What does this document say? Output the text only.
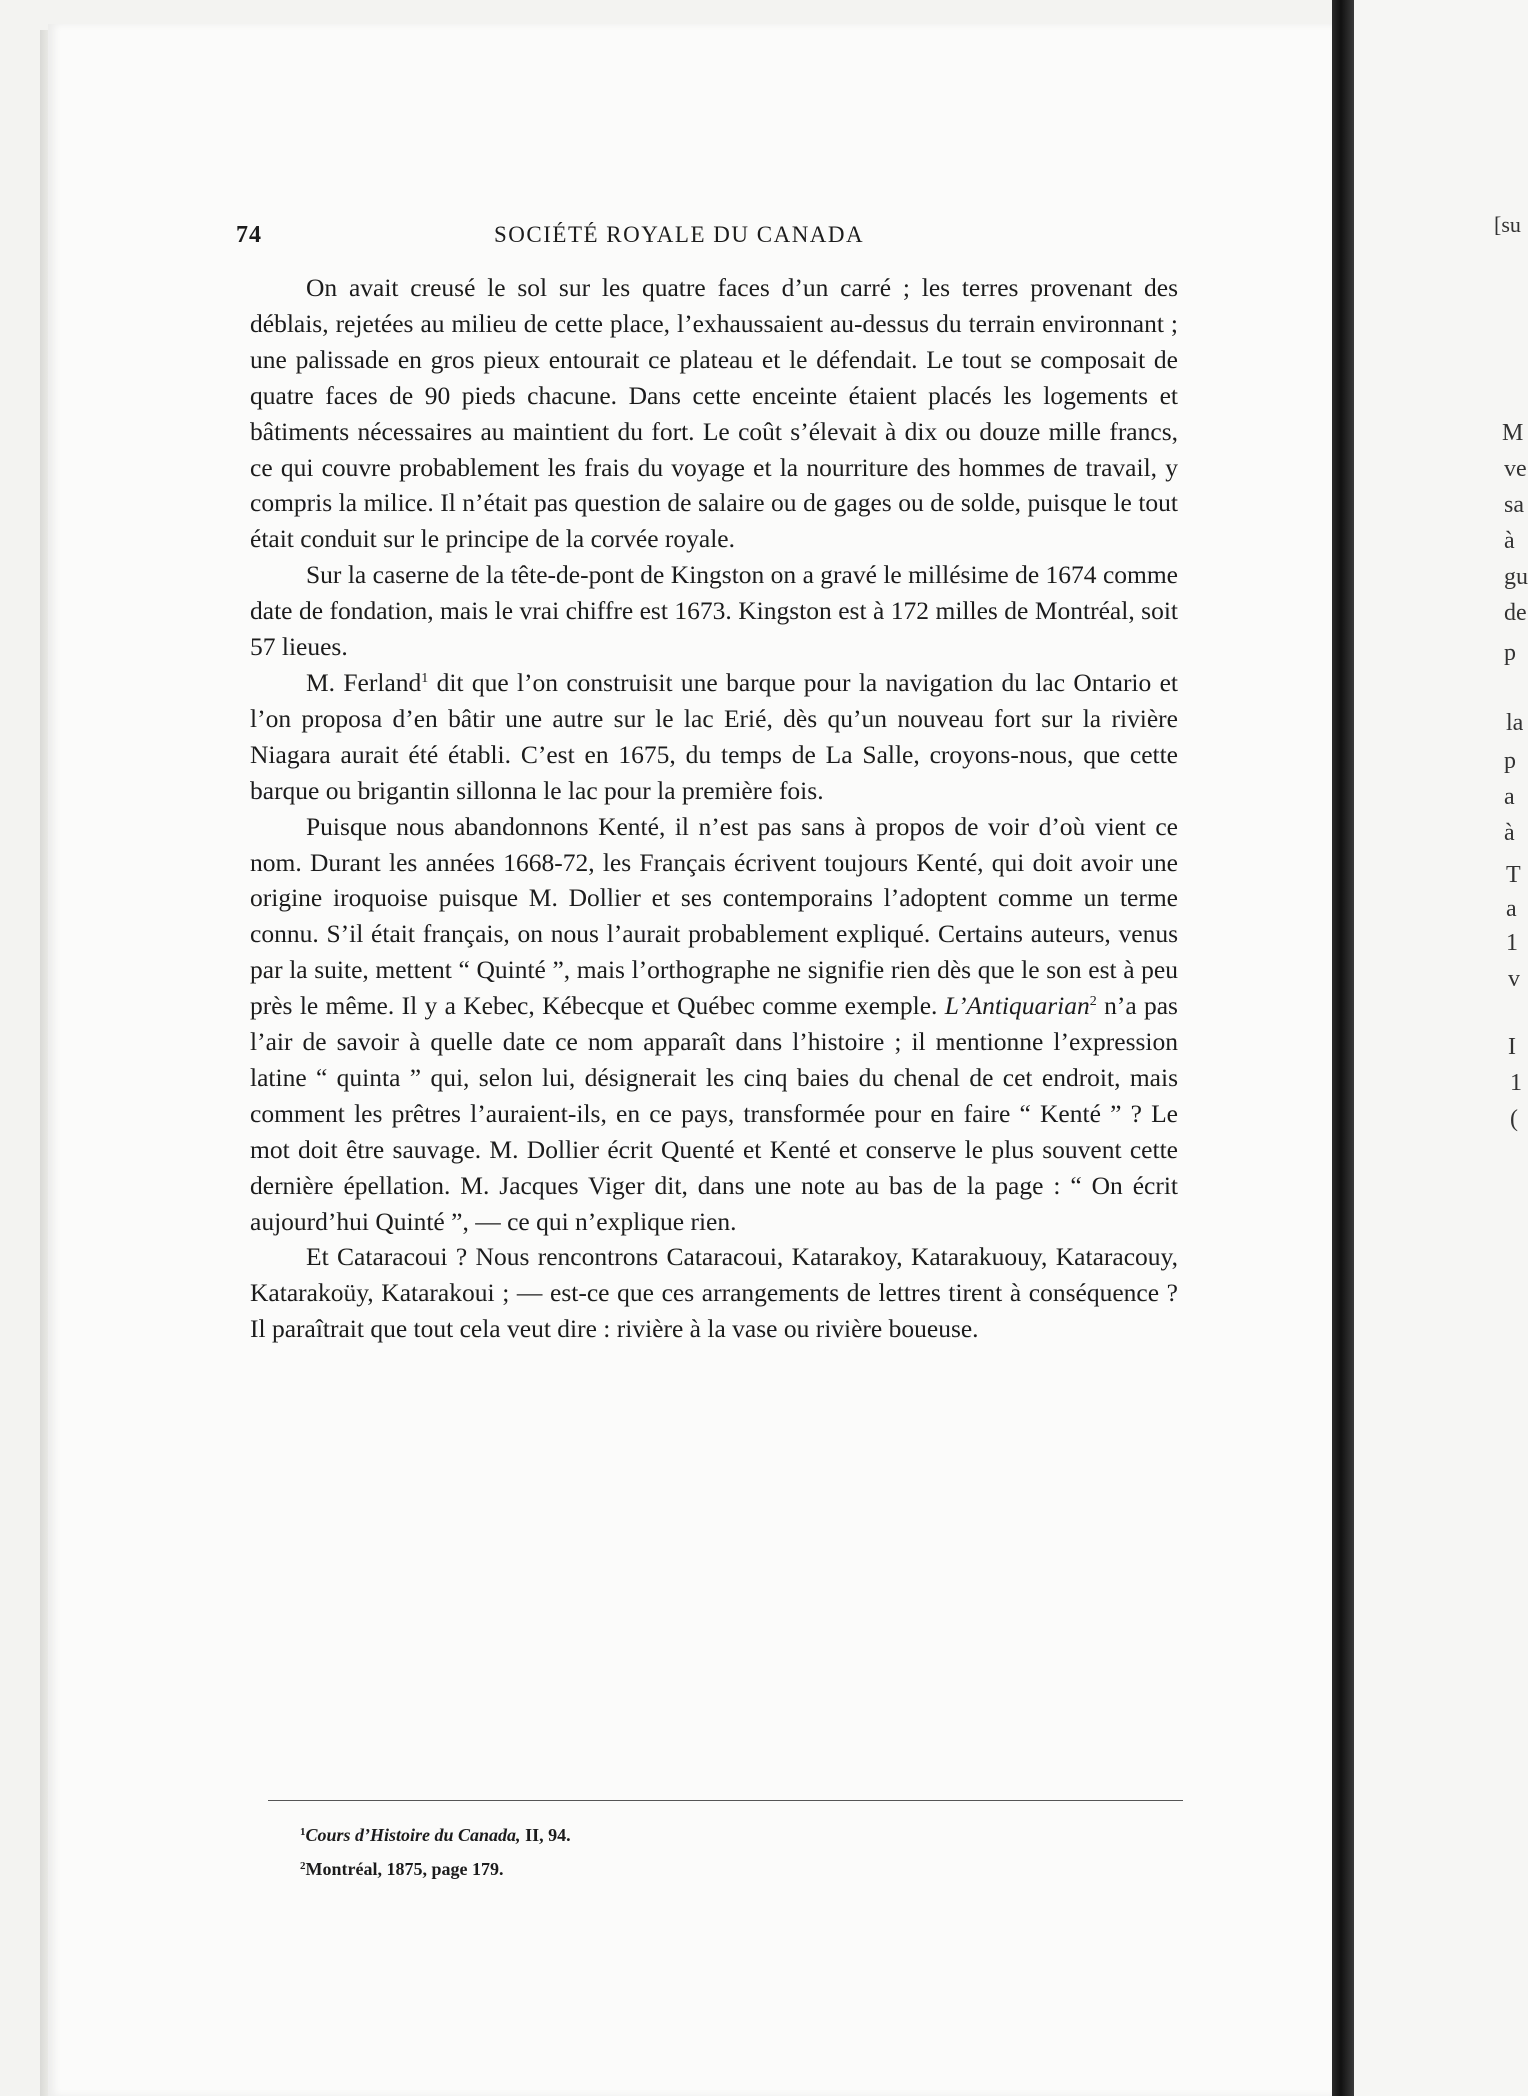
74	SOCIÉTÉ ROYALE DU CANADA

On avait creusé le sol sur les quatre faces d’un carré ; les terres provenant des déblais, rejetées au milieu de cette place, l’exhaussaient au-dessus du terrain environnant ; une palissade en gros pieux entourait ce plateau et le défendait. Le tout se composait de quatre faces de 90 pieds chacune. Dans cette enceinte étaient placés les logements et bâtiments nécessaires au maintient du fort. Le coût s’élevait à dix ou douze mille francs, ce qui couvre probablement les frais du voyage et la nourriture des hommes de travail, y compris la milice. Il n’était pas question de salaire ou de gages ou de solde, puisque le tout était conduit sur le principe de la corvée royale.

Sur la caserne de la tête-de-pont de Kingston on a gravé le millésime de 1674 comme date de fondation, mais le vrai chiffre est 1673. Kingston est à 172 milles de Montréal, soit 57 lieues.

M. Ferland$^1$ dit que l’on construisit une barque pour la navigation du lac Ontario et l’on proposa d’en bâtir une autre sur le lac Erié, dès qu’un nouveau fort sur la rivière Niagara aurait été établi. C’est en 1675, du temps de La Salle, croyons-nous, que cette barque ou brigantin sillonna le lac pour la première fois.

Puisque nous abandonnons Kenté, il n’est pas sans à propos de voir d’où vient ce nom. Durant les années 1668-72, les Français écrivent toujours Kenté, qui doit avoir une origine iroquoise puisque M. Dollier et ses contemporains l’adoptent comme un terme connu. S’il était français, on nous l’aurait probablement expliqué. Certains auteurs, venus par la suite, mettent “ Quinté ”, mais l’orthographe ne signifie rien dès que le son est à peu près le même. Il y a Kebec, Kébecque et Québec comme exemple. L’Antiquarian$^2$ n’a pas l’air de savoir à quelle date ce nom apparaît dans l’histoire ; il mentionne l’expression latine “ quinta ” qui, selon lui, désignerait les cinq baies du chenal de cet endroit, mais comment les prêtres l’auraient-ils, en ce pays, transformée pour en faire “ Kenté ” ? Le mot doit être sauvage. M. Dollier écrit Quenté et Kenté et conserve le plus souvent cette dernière épellation. M. Jacques Viger dit, dans une note au bas de la page : “ On écrit aujourd’hui Quinté ”, — ce qui n’explique rien.

Et Cataracoui ? Nous rencontrons Cataracoui, Katarakoy, Katarakuouy, Kataracouy, Katarakoüy, Katarakoui ; — est-ce que ces arrangements de lettres tirent à conséquence ? Il paraîtrait que tout cela veut dire : rivière à la vase ou rivière boueuse.

$^1$Cours d’Histoire du Canada, II, 94.
$^2$Montréal, 1875, page 179.
[su
M
ve
sa
à
gu
de
p
la
p
a
à
T
a
1
v
I
1
(
